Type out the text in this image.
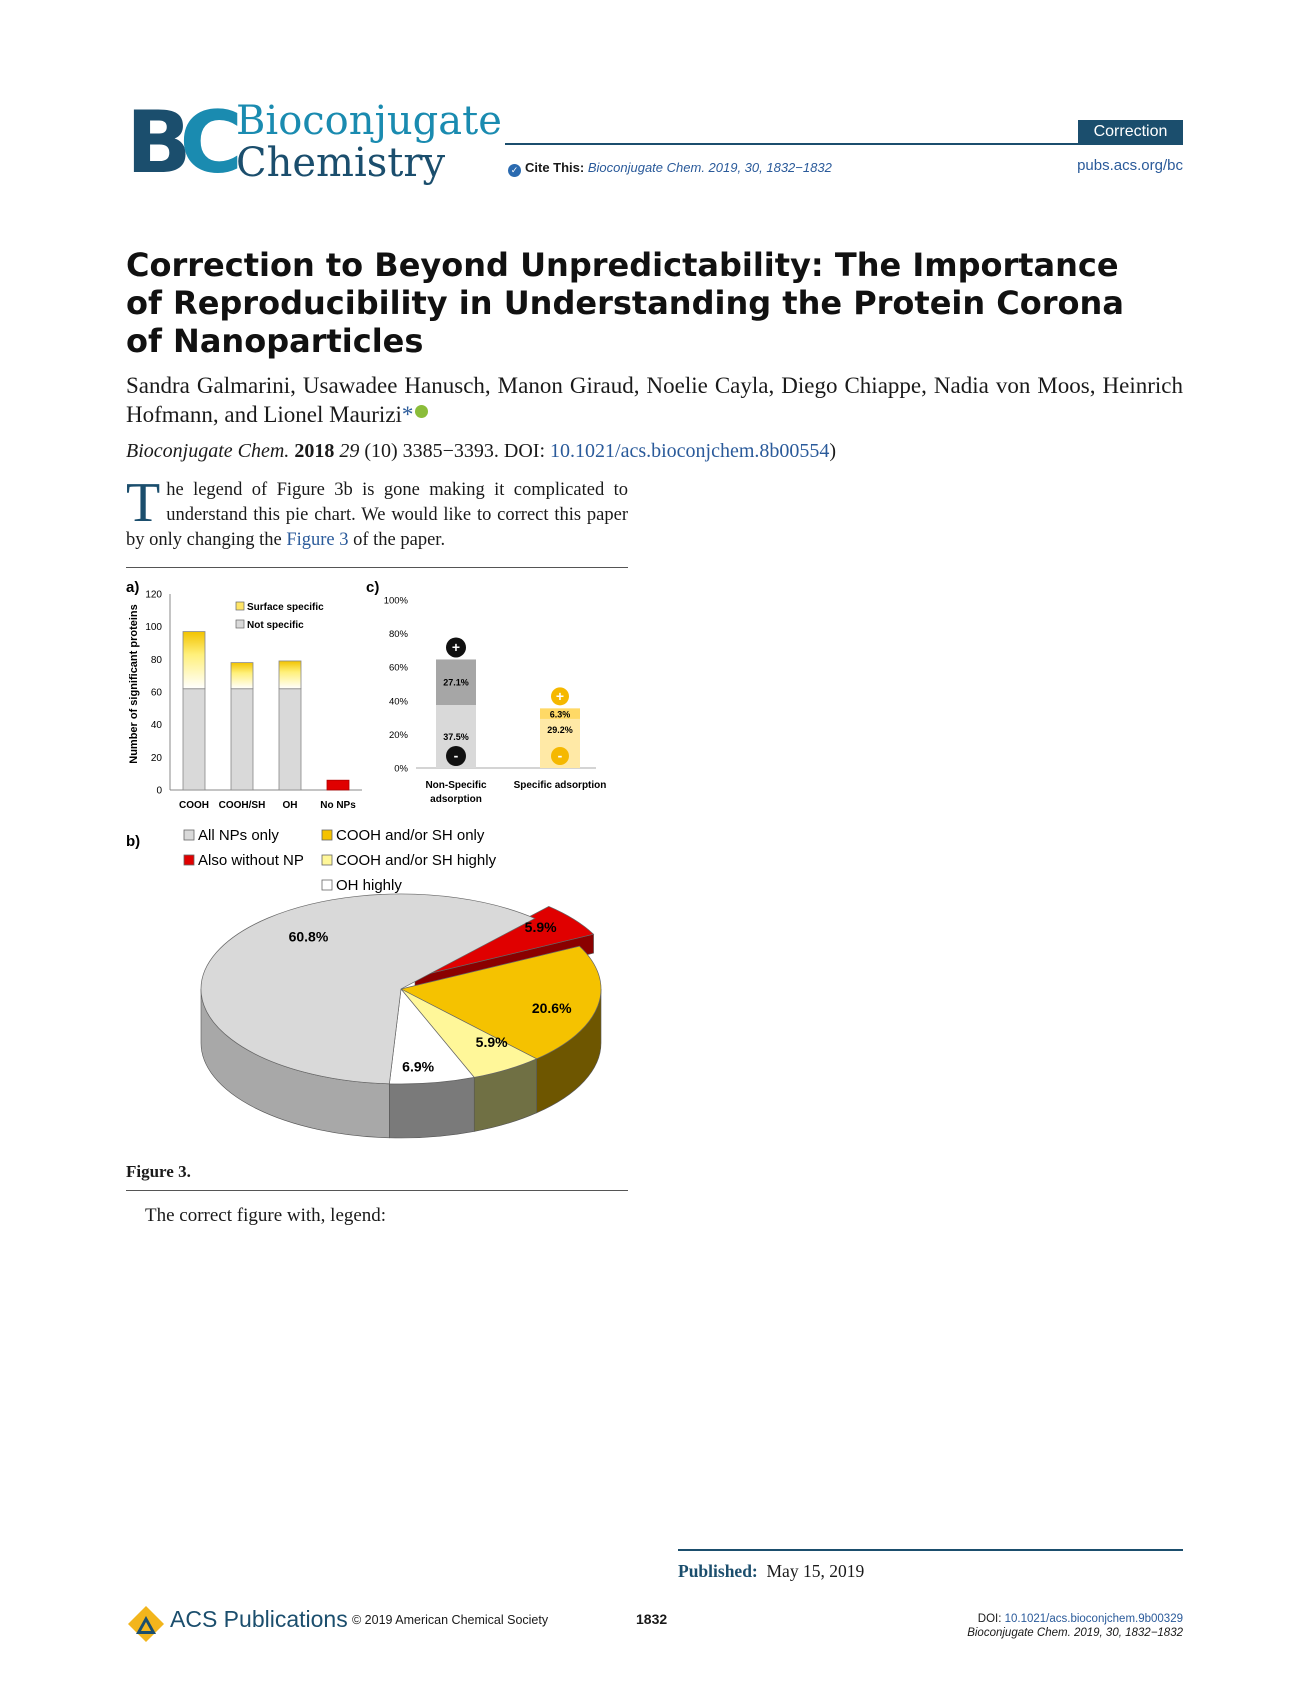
BC Bioconjugate
Chemistry
Correction
✓ Cite This: Bioconjugate Chem. 2019, 30, 1832−1832	pubs.acs.org/bc
Correction to Beyond Unpredictability: The Importance of Reproducibility in Understanding the Protein Corona of Nanoparticles
Sandra Galmarini, Usawadee Hanusch, Manon Giraud, Noelie Cayla, Diego Chiappe, Nadia von Moos, Heinrich Hofmann, and Lionel Maurizi*
Bioconjugate Chem. 2018 29 (10) 3385−3393. DOI: 10.1021/acs.bioconjchem.8b00554)
The legend of Figure 3b is gone making it complicated to understand this pie chart. We would like to correct this paper by only changing the Figure 3 of the paper.
a)
Number of significant proteins
0
20
40
60
80
100
120
COOH COOH/SH OH No NPs
Surface specific
Not specific
c)
0%
20%
40%
60%
80%
100%
37.5%
27.1%
+
-
Non-Specific
adsorption
29.2%
6.3%
+
-
Specific adsorption
b)	All NPs only	COOH and/or SH only
Also without NP COOH and/or SH highly
OH highly
60.8%
5.9%
20.6%
5.9%
6.9%
Figure 3.
The correct figure with, legend:
Published: May 15, 2019
ACS Publications © 2019 American Chemical Society	1832	DOI: 10.1021/acs.bioconjchem.9b00329
Bioconjugate Chem. 2019, 30, 1832−1832
